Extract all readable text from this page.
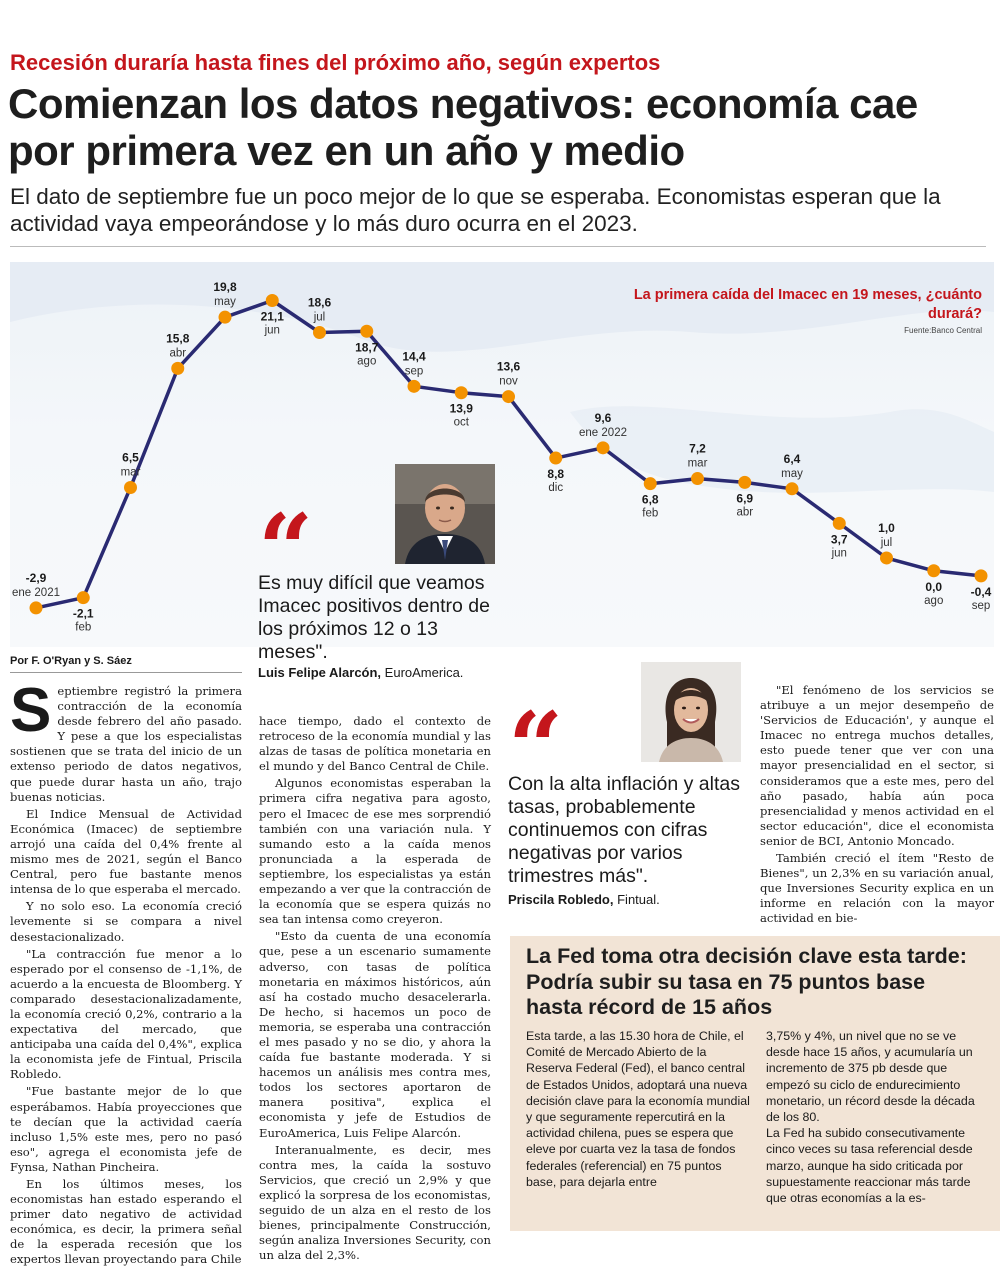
Recesión duraría hasta fines del próximo año, según expertos
Comienzan los datos negativos: economía cae por primera vez en un año y medio
El dato de septiembre fue un poco mejor de lo que se esperaba. Economistas esperan que la actividad vaya empeorándose y lo más duro ocurra en el 2023.
-2,9
ene 2021
-2,1
feb
6,5
mar
15,8
abr
19,8
may
21,1
jun
18,6
jul
18,7
ago 14,4
sep
13,9
oct
13,6
nov
8,8
dic
9,6
ene 2022
6,8
feb
7,2
mar
6,9
abr
6,4
may
3,7
jun
1,0
jul
0,0
ago
-0,4
sep
La primera caída del Imacec en 19 meses, ¿cuánto durará?
Fuente:Banco Central
“
Es muy difícil que veamos Imacec positivos dentro de los próximos 12 o 13 meses".
Luis Felipe Alarcón, EuroAmerica.
Por F. O'Ryan y S. Sáez

Septiembre registró la primera contracción de la economía desde febrero del año pasado. Y pese a que los especialistas sostienen que se trata del inicio de un extenso periodo de datos negativos, que puede durar hasta un año, trajo buenas noticias.

El Indice Mensual de Actividad Económica (Imacec) de septiembre arrojó una caída del 0,4% frente al mismo mes de 2021, según el Banco Central, pero fue bastante menos intensa de lo que esperaba el mercado.

Y no solo eso. La economía creció levemente si se compara a nivel desestacionalizado.

"La contracción fue menor a lo esperado por el consenso de -1,1%, de acuerdo a la encuesta de Bloomberg. Y comparado desestacionalizadamente, la economía creció 0,2%, contrario a la expectativa del mercado, que anticipaba una caída del 0,4%", explica la economista jefe de Fintual, Priscila Robledo.

"Fue bastante mejor de lo que esperábamos. Había proyecciones que te decían que la actividad caería incluso 1,5% este mes, pero no pasó eso", agrega el economista jefe de Fynsa, Nathan Pincheira.

En los últimos meses, los economistas han estado esperando el primer dato negativo de actividad económica, es decir, la primera señal de la esperada recesión que los expertos llevan proyectando para Chile

hace tiempo, dado el contexto de retroceso de la economía mundial y las alzas de tasas de política monetaria en el mundo y del Banco Central de Chile.

Algunos economistas esperaban la primera cifra negativa para agosto, pero el Imacec de ese mes sorprendió también con una variación nula. Y sumando esto a la caída menos pronunciada a la esperada de septiembre, los especialistas ya están empezando a ver que la contracción de la economía que se espera quizás no sea tan intensa como creyeron.

"Esto da cuenta de una economía que, pese a un escenario sumamente adverso, con tasas de política monetaria en máximos históricos, aún así ha costado mucho desacelerarla. De hecho, si hacemos un poco de memoria, se esperaba una contracción el mes pasado y no se dio, y ahora la caída fue bastante moderada. Y si hacemos un análisis mes contra mes, todos los sectores aportaron de manera positiva", explica el economista y jefe de Estudios de EuroAmerica, Luis Felipe Alarcón.

Interanualmente, es decir, mes contra mes, la caída la sostuvo Servicios, que creció un 2,9% y que explicó la sorpresa de los economistas, seguido de un alza en el resto de los bienes, principalmente Construcción, según analiza Inversiones Security, con un alza del 2,3%.

“
Con la alta inflación y altas tasas, probablemente continuemos con cifras negativas por varios trimestres más".
Priscila Robledo, Fintual.

"El fenómeno de los servicios se atribuye a un mejor desempeño de 'Servicios de Educación', y aunque el Imacec no entrega muchos detalles, esto puede tener que ver con una mayor presencialidad en el sector, si consideramos que a este mes, pero del año pasado, había aún poca presencialidad y menos actividad en el sector educación", dice el economista senior de BCI, Antonio Moncado.

También creció el ítem "Resto de Bienes", un 2,3% en su variación anual, que Inversiones Security explica en un informe en relación con la mayor actividad en bie-

La Fed toma otra decisión clave esta tarde: Podría subir su tasa en 75 puntos base hasta récord de 15 años

Esta tarde, a las 15.30 hora de Chile, el Comité de Mercado Abierto de la Reserva Federal (Fed), el banco central de Estados Unidos, adoptará una nueva decisión clave para la economía mundial y que seguramente repercutirá en la actividad chilena, pues se espera que eleve por cuarta vez la tasa de fondos federales (referencial) en 75 puntos base, para dejarla entre

3,75% y 4%, un nivel que no se ve desde hace 15 años, y acumularía un incremento de 375 pb desde que empezó su ciclo de endurecimiento monetario, un récord desde la década de los 80.

La Fed ha subido consecutivamente cinco veces su tasa referencial desde marzo, aunque ha sido criticada por supuestamente reaccionar más tarde que otras economías a la es-
